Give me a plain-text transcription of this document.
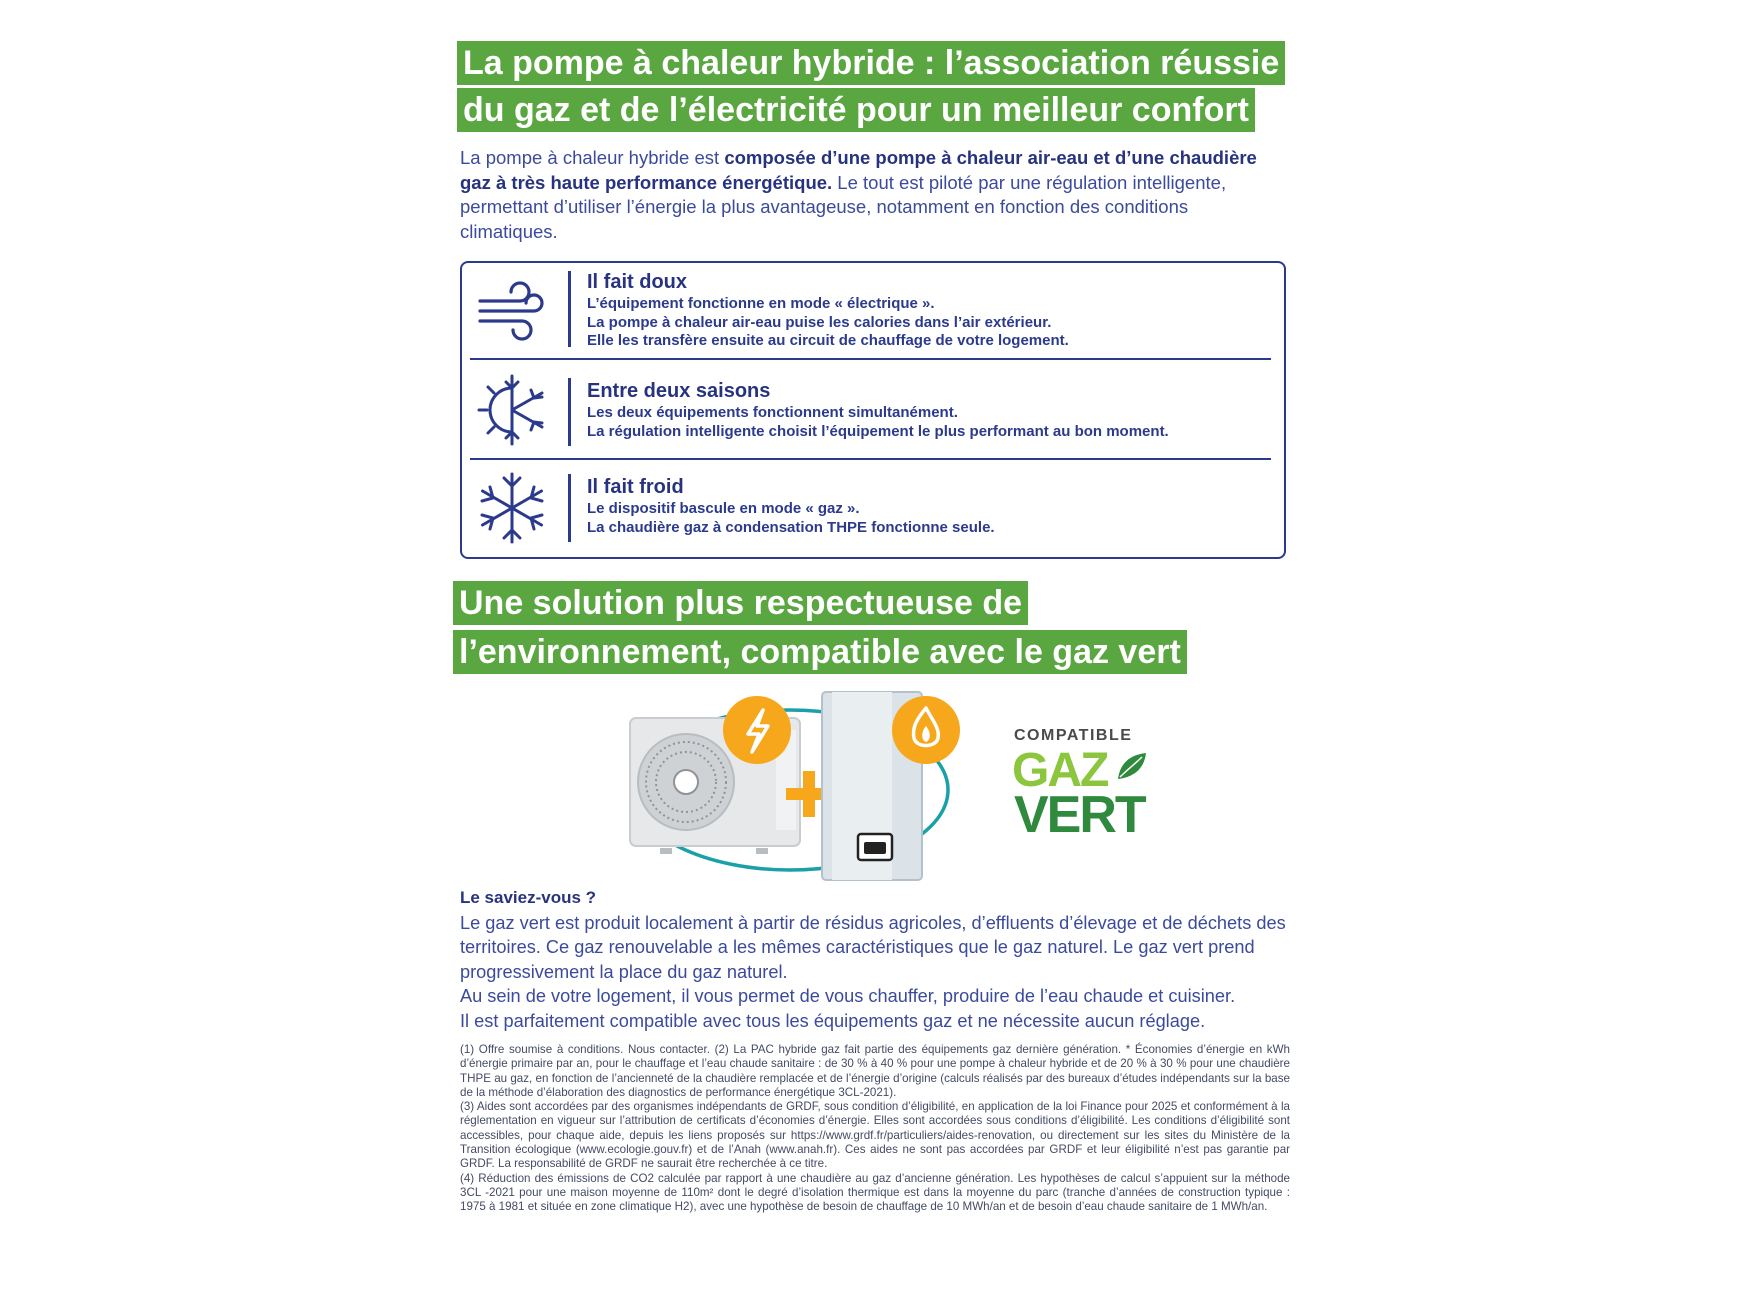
La pompe à chaleur hybride : l’association réussie
du gaz et de l’électricité pour un meilleur confort
La pompe à chaleur hybride est composée d’une pompe à chaleur air-eau et d’une chaudière gaz à très haute performance énergétique. Le tout est piloté par une régulation intelligente, permettant d’utiliser l’énergie la plus avantageuse, notamment en fonction des conditions climatiques.
Il fait doux
L’équipement fonctionne en mode « électrique ».
La pompe à chaleur air-eau puise les calories dans l’air extérieur.
Elle les transfère ensuite au circuit de chauffage de votre logement.
Entre deux saisons
Les deux équipements fonctionnent simultanément.
La régulation intelligente choisit l’équipement le plus performant au bon moment.
Il fait froid
Le dispositif bascule en mode « gaz ».
La chaudière gaz à condensation THPE fonctionne seule.
Une solution plus respectueuse de
l’environnement, compatible avec le gaz vert
COMPATIBLE
GAZ
VERT
Le saviez-vous ?
Le gaz vert est produit localement à partir de résidus agricoles, d’effluents d’élevage et de déchets des territoires. Ce gaz renouvelable a les mêmes caractéristiques que le gaz naturel. Le gaz vert prend progressivement la place du gaz naturel.
Au sein de votre logement, il vous permet de vous chauffer, produire de l’eau chaude et cuisiner.
Il est parfaitement compatible avec tous les équipements gaz et ne nécessite aucun réglage.

(1) Offre soumise à conditions. Nous contacter. (2) La PAC hybride gaz fait partie des équipements gaz dernière génération. * Économies d’énergie en kWh d’énergie primaire par an, pour le chauffage et l’eau chaude sanitaire : de 30 % à 40 % pour une pompe à chaleur hybride et de 20 % à 30 % pour une chaudière THPE au gaz, en fonction de l’ancienneté de la chaudière remplacée et de l’énergie d’origine (calculs réalisés par des bureaux d’études indépendants sur la base de la méthode d’élaboration des diagnostics de performance énergétique 3CL-2021).

(3) Aides sont accordées par des organismes indépendants de GRDF, sous condition d’éligibilité, en application de la loi Finance pour 2025 et conformément à la réglementation en vigueur sur l’attribution de certificats d’économies d’énergie. Elles sont accordées sous conditions d’éligibilité. Les conditions d’éligibilité sont accessibles, pour chaque aide, depuis les liens proposés sur https://www.grdf.fr/particuliers/aides-renovation, ou directement sur les sites du Ministère de la Transition écologique (www.ecologie.gouv.fr) et de l’Anah (www.anah.fr). Ces aides ne sont pas accordées par GRDF et leur éligibilité n’est pas garantie par GRDF. La responsabilité de GRDF ne saurait être recherchée à ce titre.

(4) Réduction des émissions de CO2 calculée par rapport à une chaudière au gaz d’ancienne génération. Les hypothèses de calcul s’appuient sur la méthode 3CL -2021 pour une maison moyenne de 110m² dont le degré d’isolation thermique est dans la moyenne du parc (tranche d’années de construction typique : 1975 à 1981 et située en zone climatique H2), avec une hypothèse de besoin de chauffage de 10 MWh/an et de besoin d’eau chaude sanitaire de 1 MWh/an.
